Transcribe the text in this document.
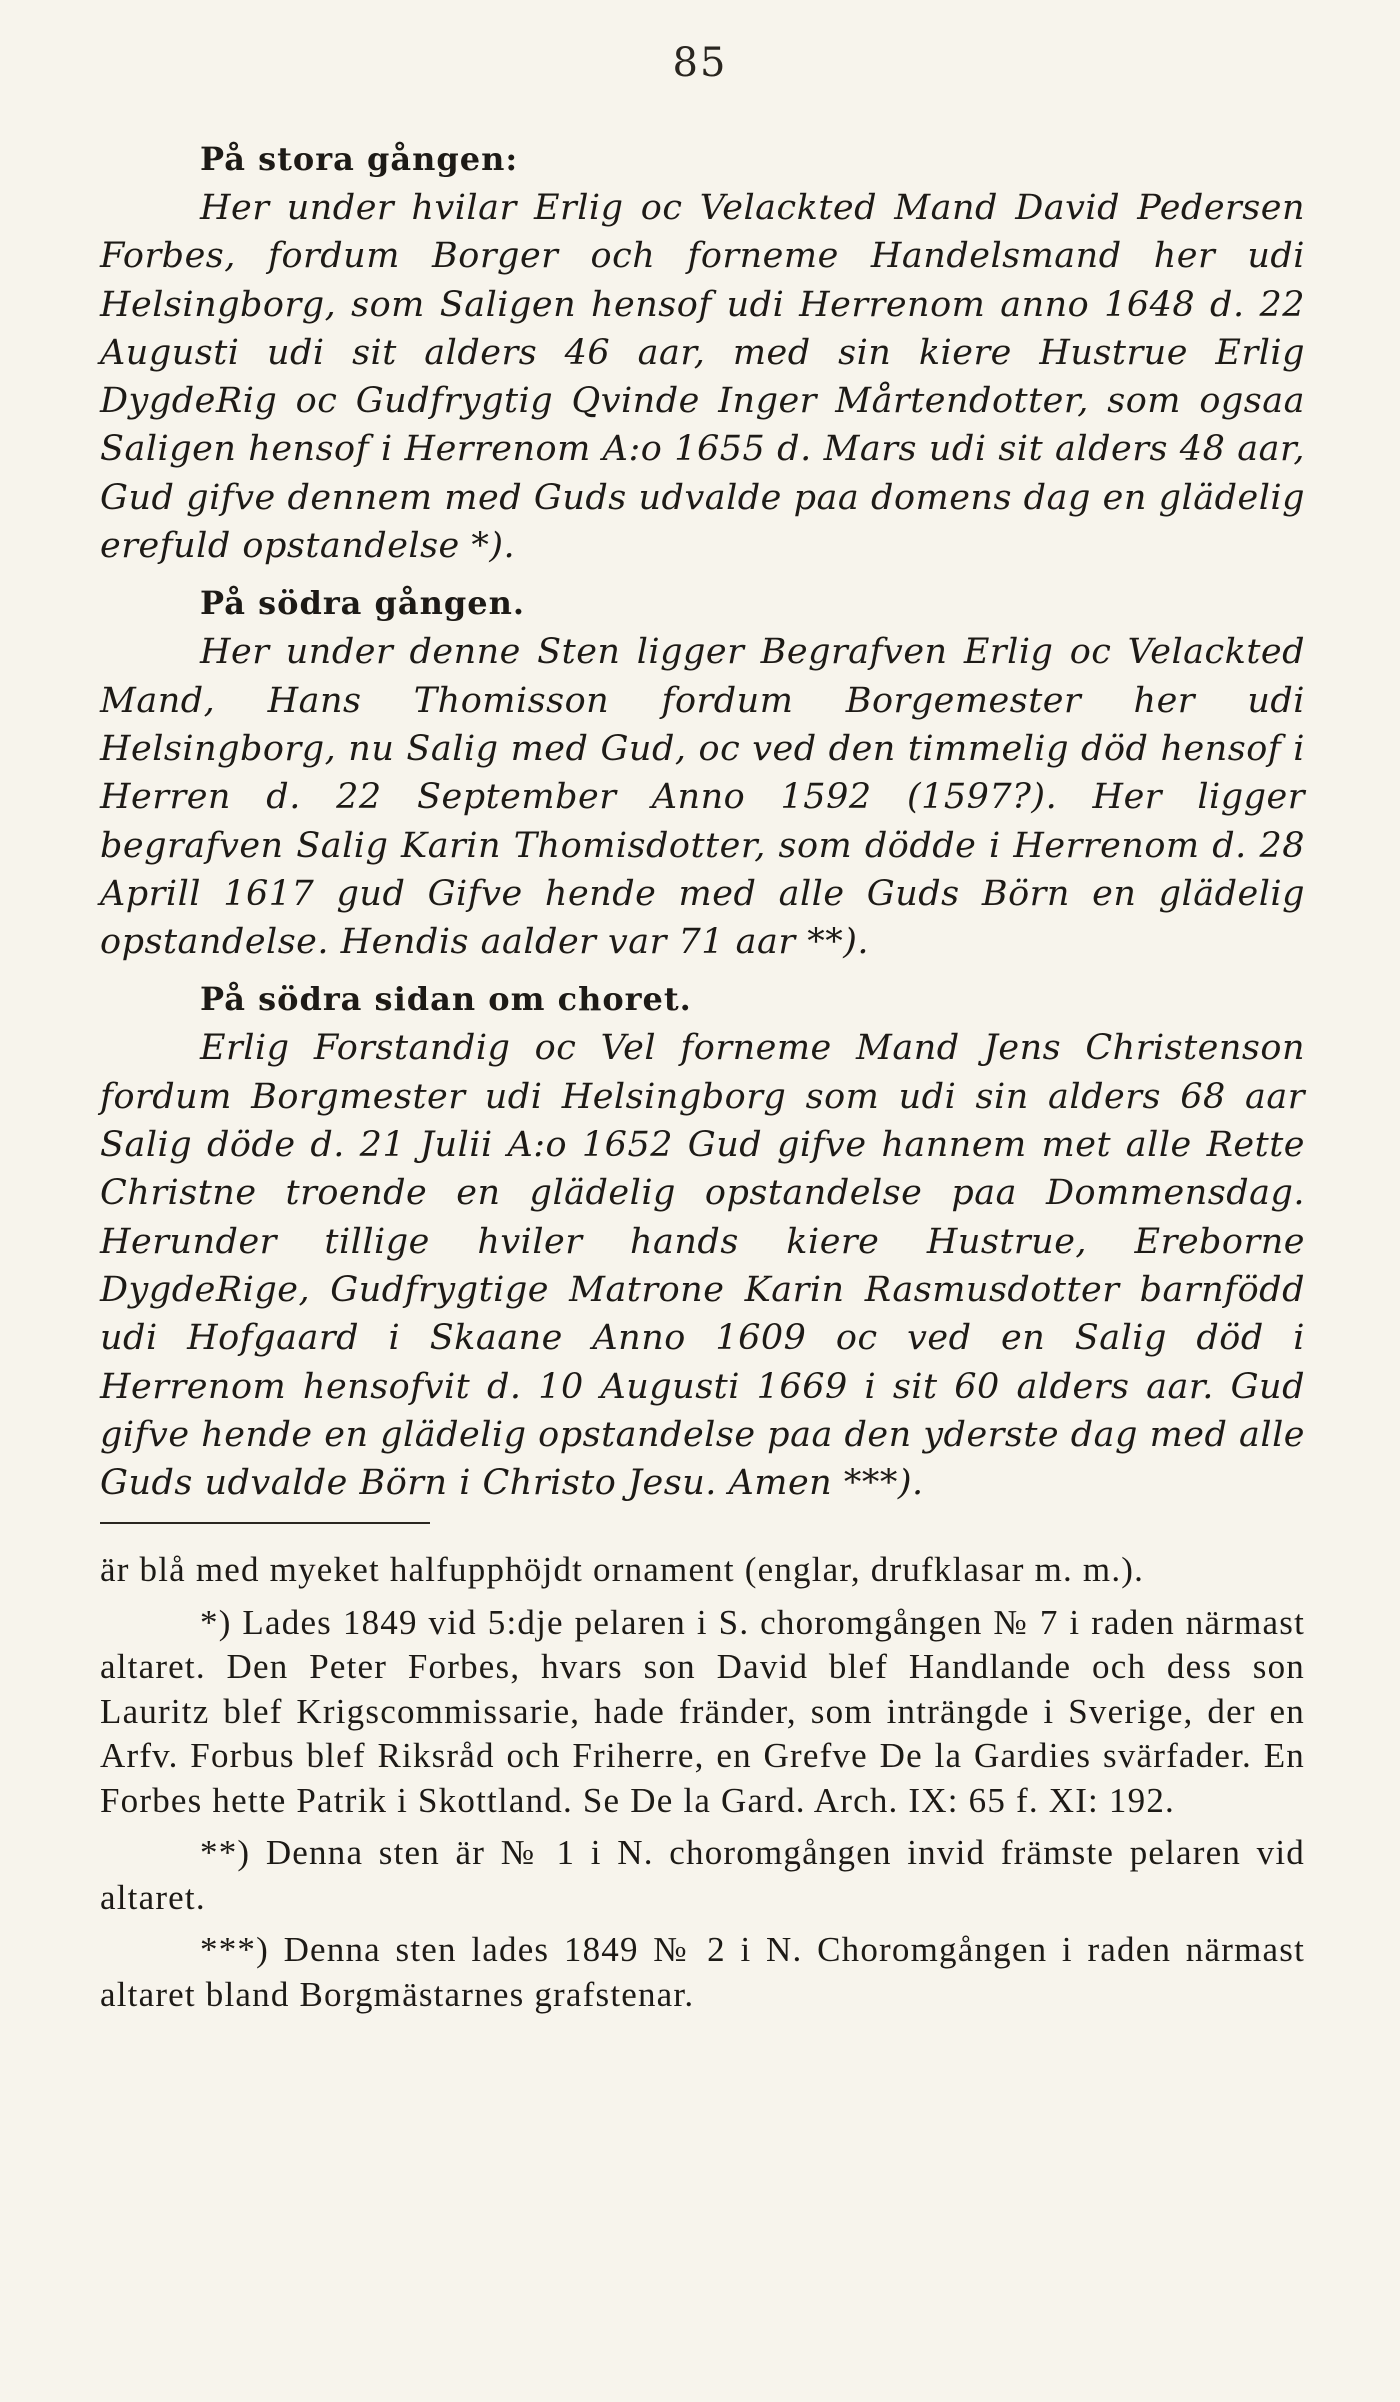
85
På stora gången:

Her under hvilar Erlig oc Velackted Mand David Pedersen Forbes, fordum Borger och forneme Handelsmand her udi Helsingborg, som Saligen hensof udi Herrenom anno 1648 d. 22 Augusti udi sit alders 46 aar, med sin kiere Hustrue Erlig DygdeRig oc Gudfrygtig Qvinde Inger Mårtendotter, som ogsaa Saligen hensof i Herrenom A:o 1655 d. Mars udi sit alders 48 aar, Gud gifve dennem med Guds udvalde paa domens dag en glädelig erefuld opstandelse *).

På södra gången.

Her under denne Sten ligger Begrafven Erlig oc Velackted Mand, Hans Thomisson fordum Borgemester her udi Helsingborg, nu Salig med Gud, oc ved den timmelig död hensof i Herren d. 22 September Anno 1592 (1597?). Her ligger begrafven Salig Karin Thomisdotter, som dödde i Herrenom d. 28 Aprill 1617 gud Gifve hende med alle Guds Börn en glädelig opstandelse. Hendis aalder var 71 aar **).

På södra sidan om choret.

Erlig Forstandig oc Vel forneme Mand Jens Christenson fordum Borgmester udi Helsingborg som udi sin alders 68 aar Salig döde d. 21 Julii A:o 1652 Gud gifve hannem met alle Rette Christne troende en glädelig opstandelse paa Dommensdag. Herunder tillige hviler hands kiere Hustrue, Ereborne DygdeRige, Gudfrygtige Matrone Karin Rasmusdotter barnfödd udi Hofgaard i Skaane Anno 1609 oc ved en Salig död i Herrenom hensofvit d. 10 Augusti 1669 i sit 60 alders aar. Gud gifve hende en glädelig opstandelse paa den yderste dag med alle Guds udvalde Börn i Christo Jesu. Amen ***).

är blå med myeket halfupphöjdt ornament (englar, drufklasar m. m.).

*) Lades 1849 vid 5:dje pelaren i S. choromgången № 7 i raden närmast altaret. Den Peter Forbes, hvars son David blef Handlande och dess son Lauritz blef Krigscommissarie, hade fränder, som inträngde i Sverige, der en Arfv. Forbus blef Riksråd och Friherre, en Grefve De la Gardies svärfader. En Forbes hette Patrik i Skottland. Se De la Gard. Arch. IX: 65 f. XI: 192.

**) Denna sten är № 1 i N. choromgången invid främste pelaren vid altaret.

***) Denna sten lades 1849 № 2 i N. Choromgången i raden närmast altaret bland Borgmästarnes grafstenar.
